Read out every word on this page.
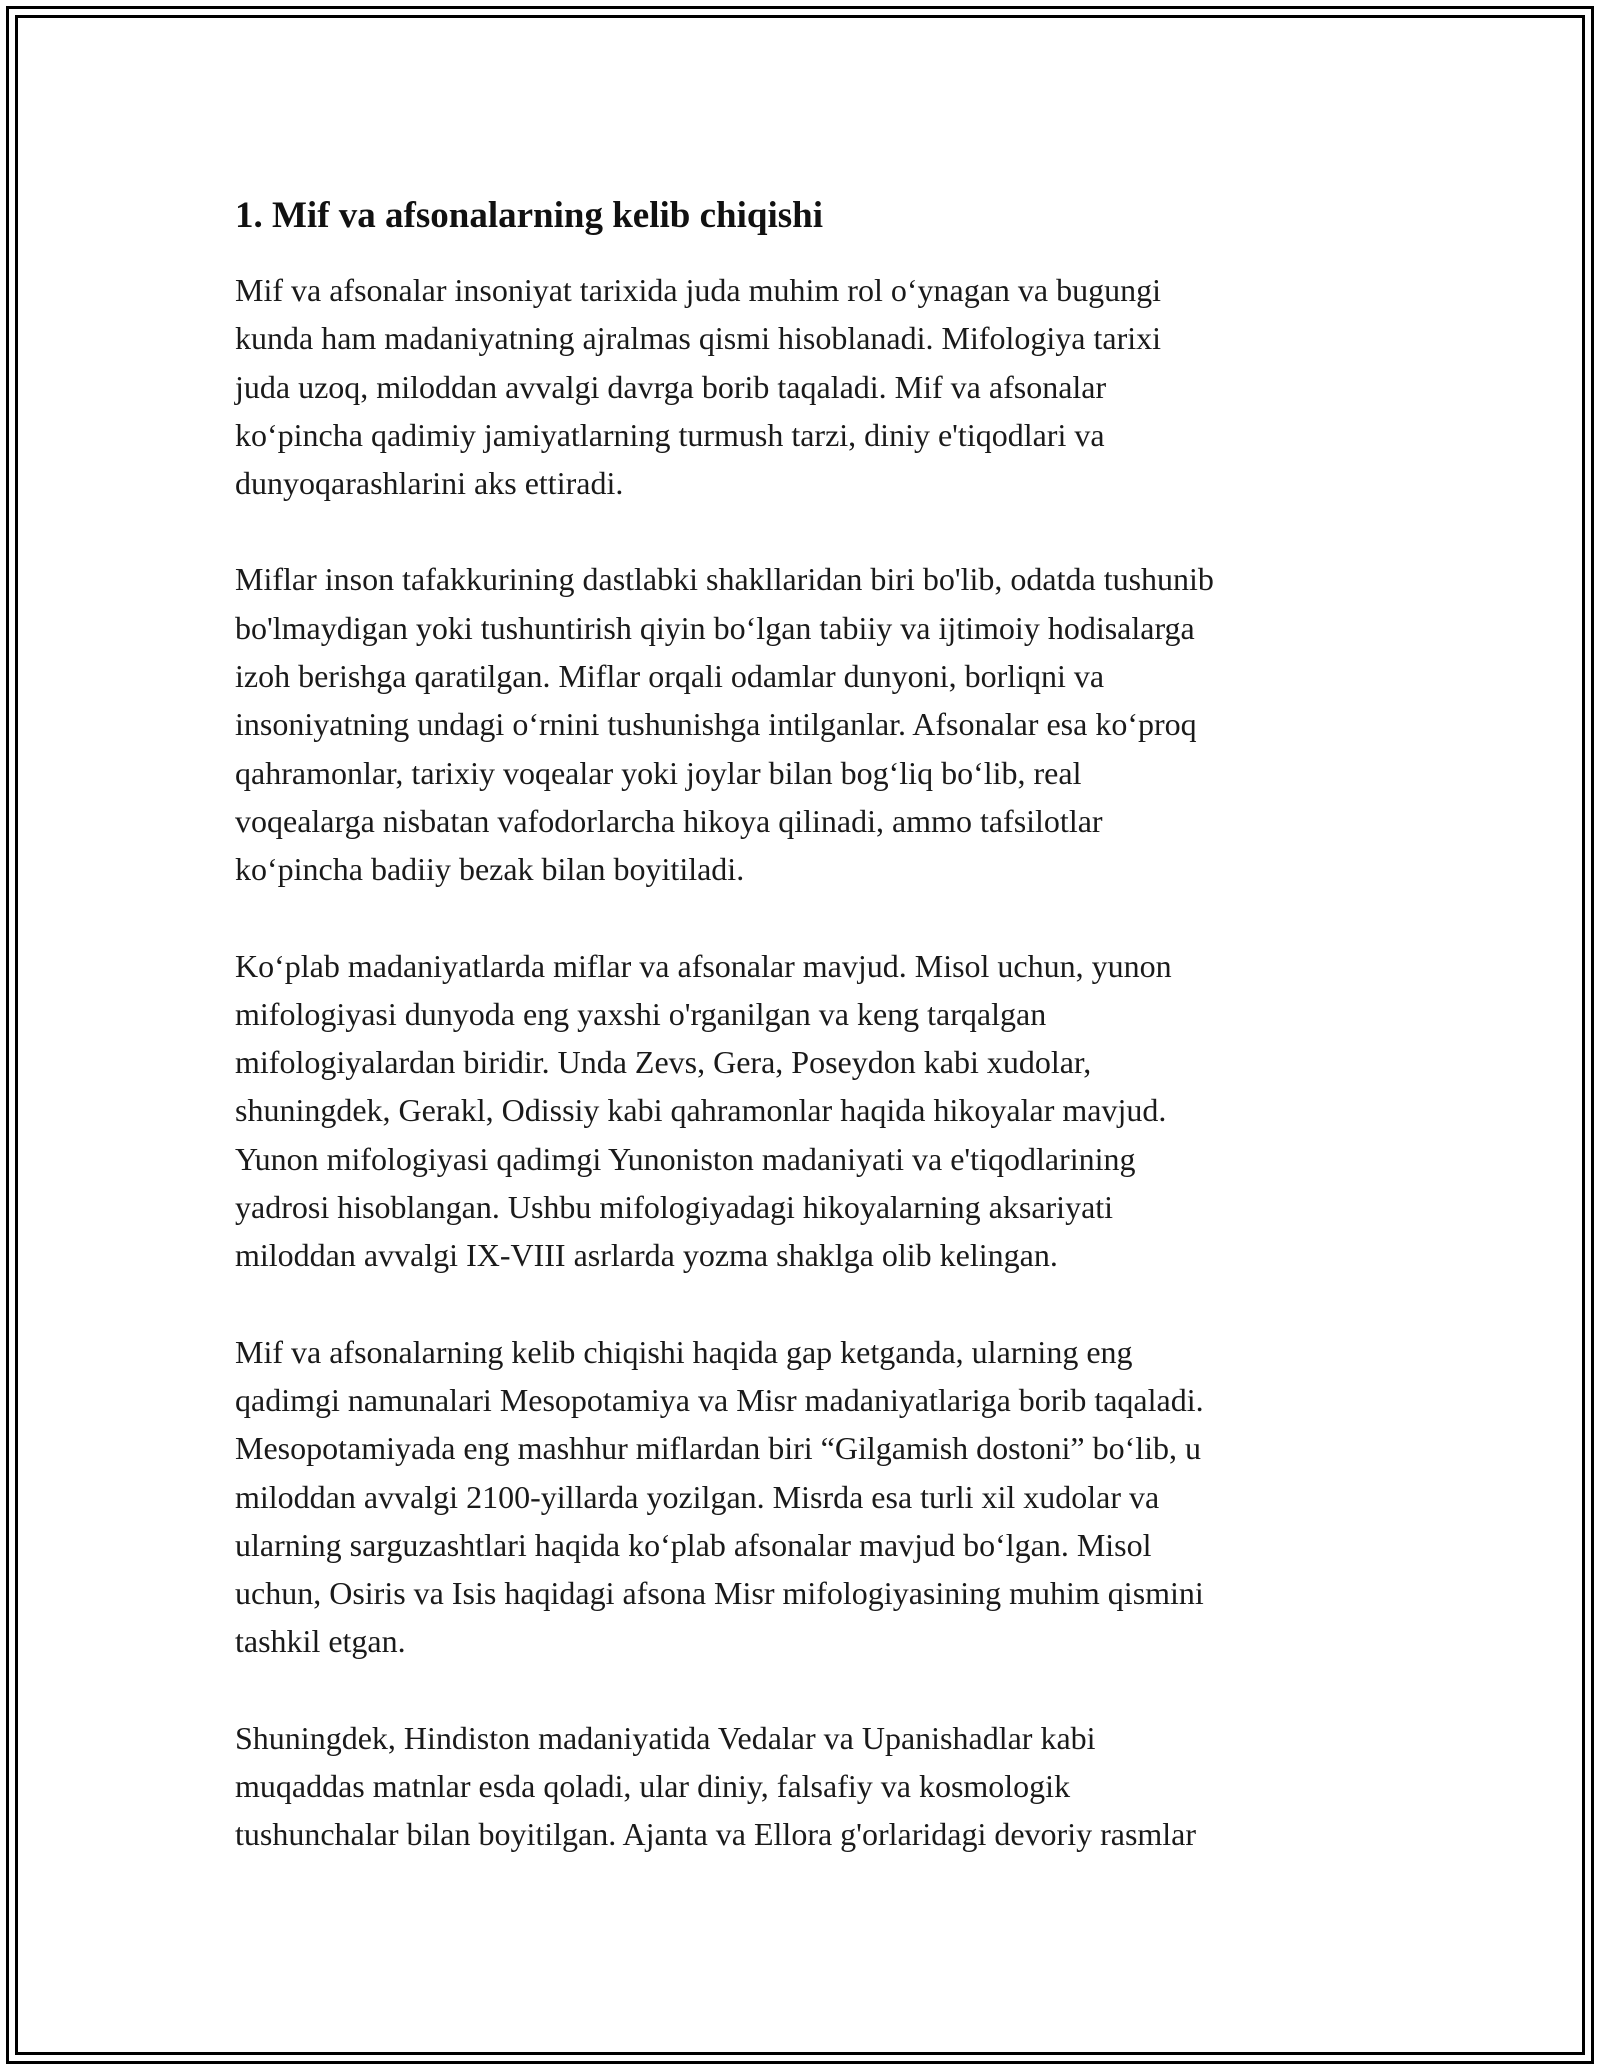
1. Mif va afsonalarning kelib chiqishi

Mif va afsonalar insoniyat tarixida juda muhim rol o‘ynagan va bugungi
kunda ham madaniyatning ajralmas qismi hisoblanadi. Mifologiya tarixi
juda uzoq, miloddan avvalgi davrga borib taqaladi. Mif va afsonalar
ko‘pincha qadimiy jamiyatlarning turmush tarzi, diniy e'tiqodlari va
dunyoqarashlarini aks ettiradi.

Miflar inson tafakkurining dastlabki shakllaridan biri bo'lib, odatda tushunib
bo'lmaydigan yoki tushuntirish qiyin bo‘lgan tabiiy va ijtimoiy hodisalarga
izoh berishga qaratilgan. Miflar orqali odamlar dunyoni, borliqni va
insoniyatning undagi o‘rnini tushunishga intilganlar. Afsonalar esa ko‘proq
qahramonlar, tarixiy voqealar yoki joylar bilan bog‘liq bo‘lib, real
voqealarga nisbatan vafodorlarcha hikoya qilinadi, ammo tafsilotlar
ko‘pincha badiiy bezak bilan boyitiladi.

Ko‘plab madaniyatlarda miflar va afsonalar mavjud. Misol uchun, yunon
mifologiyasi dunyoda eng yaxshi o'rganilgan va keng tarqalgan
mifologiyalardan biridir. Unda Zevs, Gera, Poseydon kabi xudolar,
shuningdek, Gerakl, Odissiy kabi qahramonlar haqida hikoyalar mavjud.
Yunon mifologiyasi qadimgi Yunoniston madaniyati va e'tiqodlarining
yadrosi hisoblangan. Ushbu mifologiyadagi hikoyalarning aksariyati
miloddan avvalgi IX-VIII asrlarda yozma shaklga olib kelingan.

Mif va afsonalarning kelib chiqishi haqida gap ketganda, ularning eng
qadimgi namunalari Mesopotamiya va Misr madaniyatlariga borib taqaladi.
Mesopotamiyada eng mashhur miflardan biri “Gilgamish dostoni” bo‘lib, u
miloddan avvalgi 2100-yillarda yozilgan. Misrda esa turli xil xudolar va
ularning sarguzashtlari haqida ko‘plab afsonalar mavjud bo‘lgan. Misol
uchun, Osiris va Isis haqidagi afsona Misr mifologiyasining muhim qismini
tashkil etgan.

Shuningdek, Hindiston madaniyatida Vedalar va Upanishadlar kabi
muqaddas matnlar esda qoladi, ular diniy, falsafiy va kosmologik
tushunchalar bilan boyitilgan. Ajanta va Ellora g'orlaridagi devoriy rasmlar
